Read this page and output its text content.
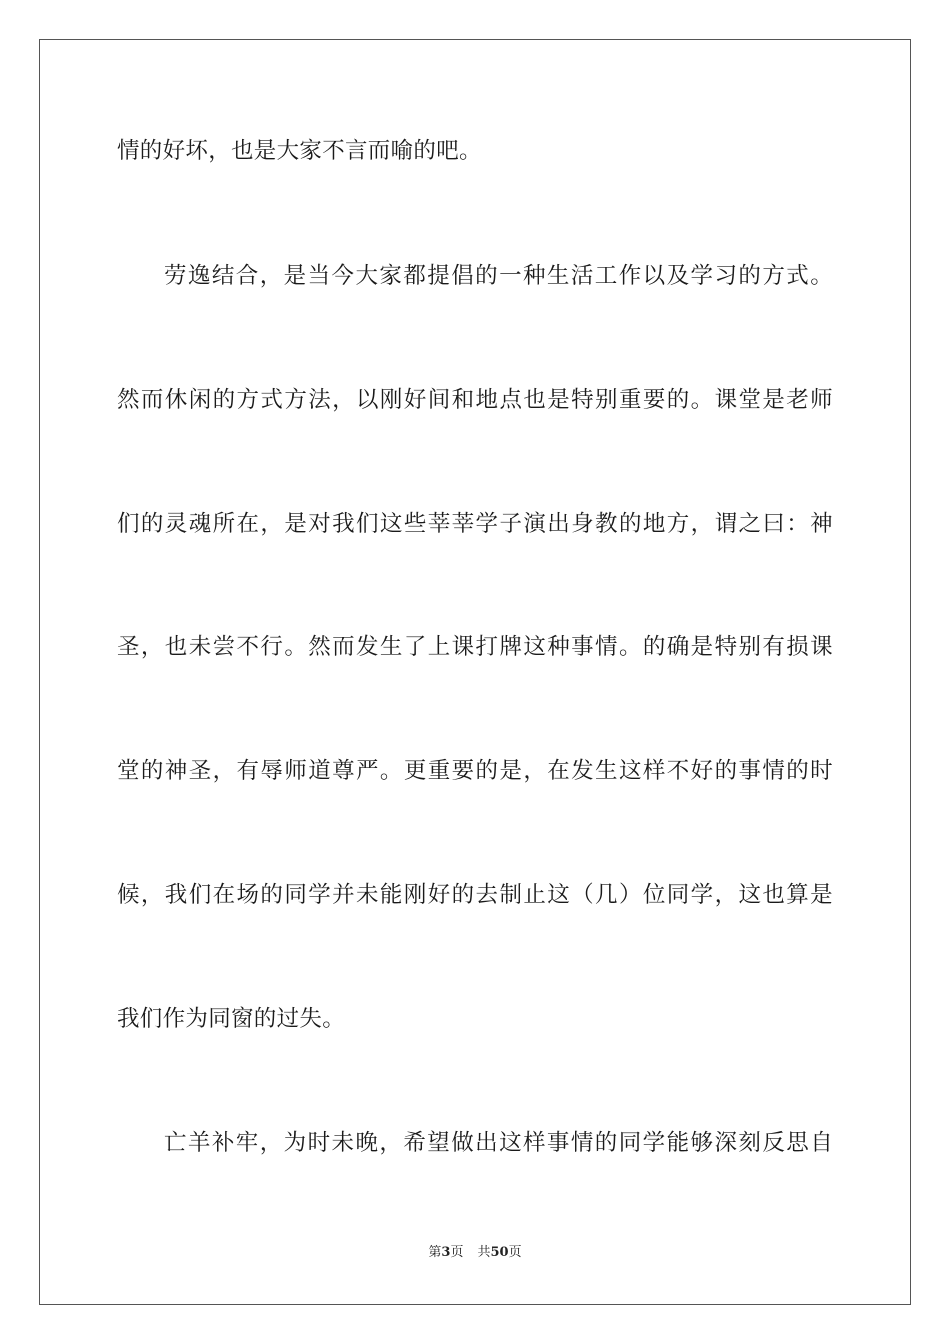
情的好坏，也是大家不言而喻的吧。
劳逸结合，是当今大家都提倡的一种生活工作以及学习的方式。
然而休闲的方式方法，以刚好间和地点也是特别重要的。课堂是老师
们的灵魂所在，是对我们这些莘莘学子演出身教的地方，谓之曰：神
圣，也未尝不行。然而发生了上课打牌这种事情。的确是特别有损课
堂的神圣，有辱师道尊严。更重要的是，在发生这样不好的事情的时
候，我们在场的同学并未能刚好的去制止这（几）位同学，这也算是
我们作为同窗的过失。
亡羊补牢，为时未晚，希望做出这样事情的同学能够深刻反思自
第3页 共50页
